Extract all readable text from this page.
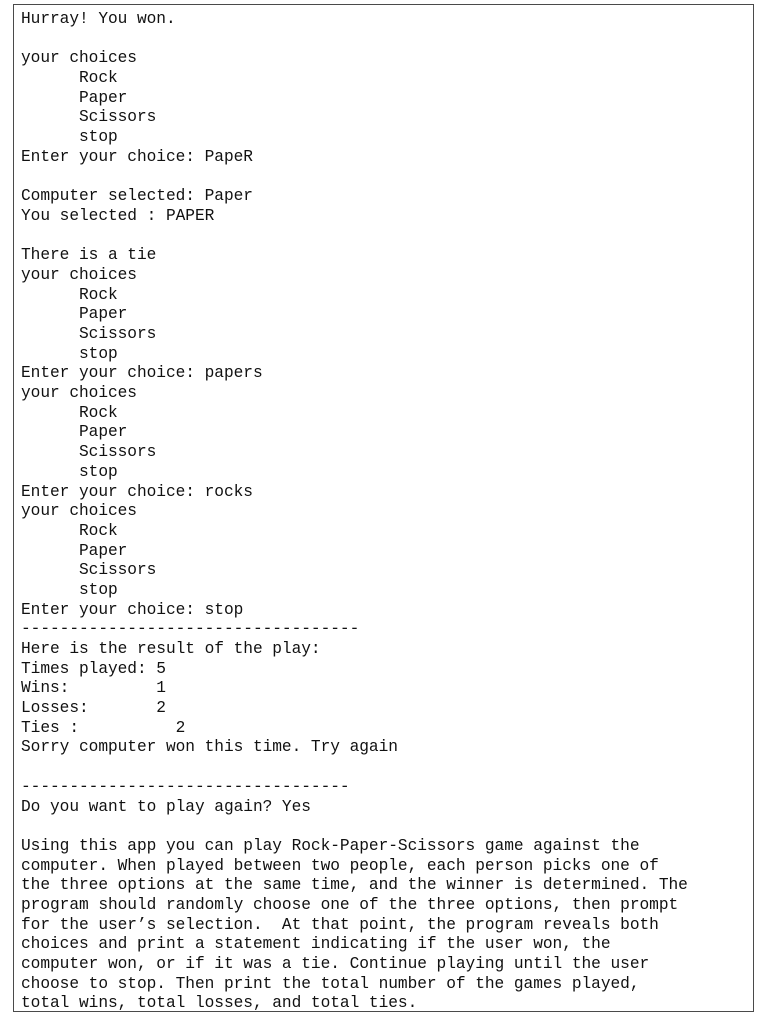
Hurray! You won.
your choices
Rock
Paper
Scissors
stop
Enter your choice: PapeR
Computer selected: Paper
You selected : PAPER
There is a tie
your choices
Rock
Paper
Scissors
stop
Enter your choice: papers
your choices
Rock
Paper
Scissors
stop
Enter your choice: rocks
your choices
Rock
Paper
Scissors
stop
Enter your choice: stop
-----------------------------------
Here is the result of the play:
Times played: 5
Wins:         1
Losses:       2
Ties :          2
Sorry computer won this time. Try again
----------------------------------
Do you want to play again? Yes
Using this app you can play Rock-Paper-Scissors game against the
computer. When played between two people, each person picks one of
the three options at the same time, and the winner is determined. The
program should randomly choose one of the three options, then prompt
for the user’s selection.  At that point, the program reveals both
choices and print a statement indicating if the user won, the
computer won, or if it was a tie. Continue playing until the user
choose to stop. Then print the total number of the games played,
total wins, total losses, and total ties.
